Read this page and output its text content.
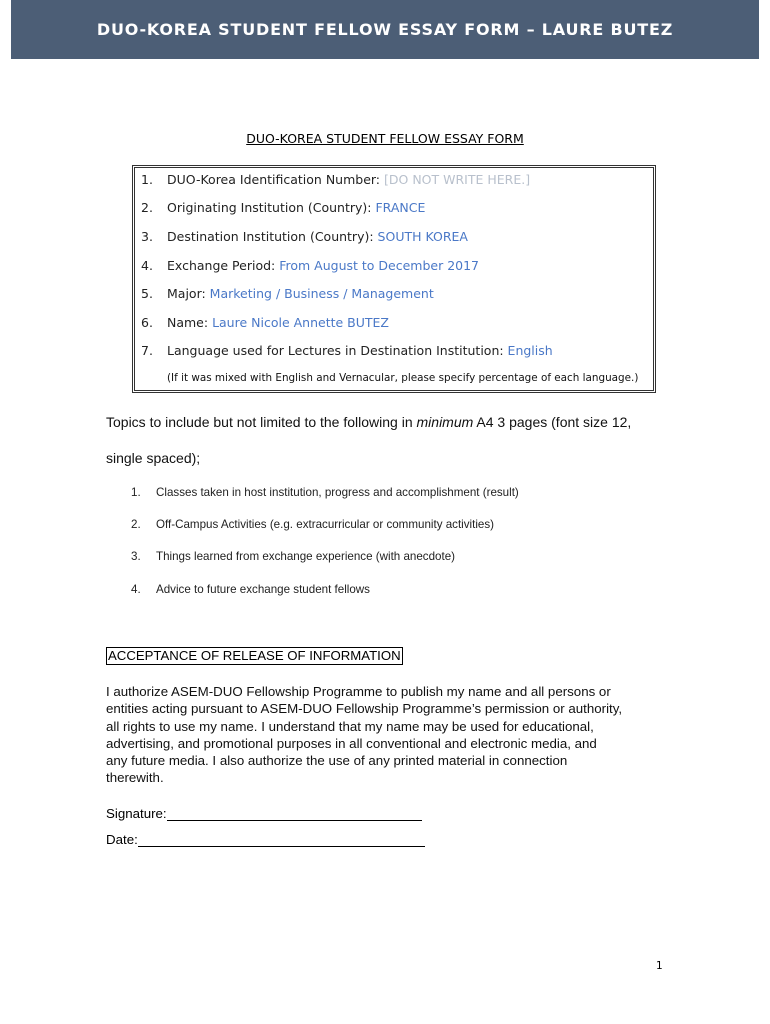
DUO-KOREA STUDENT FELLOW ESSAY FORM – LAURE BUTEZ
DUO-KOREA STUDENT FELLOW ESSAY FORM
1. DUO-Korea Identification Number: [DO NOT WRITE HERE.]
2. Originating Institution (Country): FRANCE
3. Destination Institution (Country): SOUTH KOREA
4. Exchange Period: From August to December 2017
5. Major: Marketing / Business / Management
6. Name: Laure Nicole Annette BUTEZ
7. Language used for Lectures in Destination Institution: English
(If it was mixed with English and Vernacular, please specify percentage of each language.)
Topics to include but not limited to the following in minimum A4 3 pages (font size 12,
single spaced);
1. Classes taken in host institution, progress and accomplishment (result)
2. Off-Campus Activities (e.g. extracurricular or community activities)
3. Things learned from exchange experience (with anecdote)
4. Advice to future exchange student fellows
ACCEPTANCE OF RELEASE OF INFORMATION
I authorize ASEM-DUO Fellowship Programme to publish my name and all persons or
entities acting pursuant to ASEM-DUO Fellowship Programme’s permission or authority,
all rights to use my name. I understand that my name may be used for educational,
advertising, and promotional purposes in all conventional and electronic media, and
any future media. I also authorize the use of any printed material in connection
therewith.
Signature:
Date:
1
